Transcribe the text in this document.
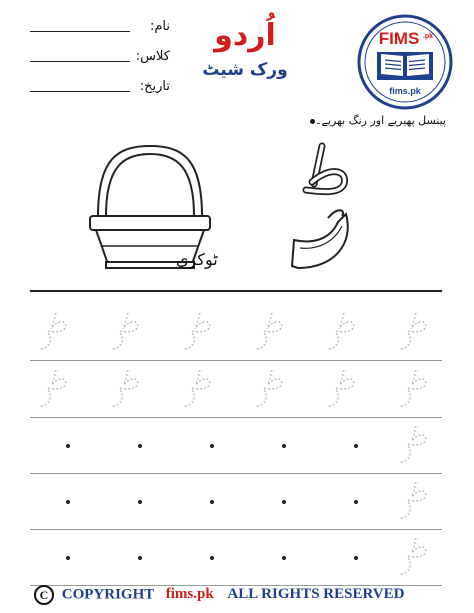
نام:
کلاس:
تاریخ:
اُردو
ورک شیٹ
FIMS .pk
fims.pk
پینسل پھیریے اور رنگ بھریے۔
ٹوکری
C COPYRIGHT fims.pk ALL RIGHTS RESERVED
